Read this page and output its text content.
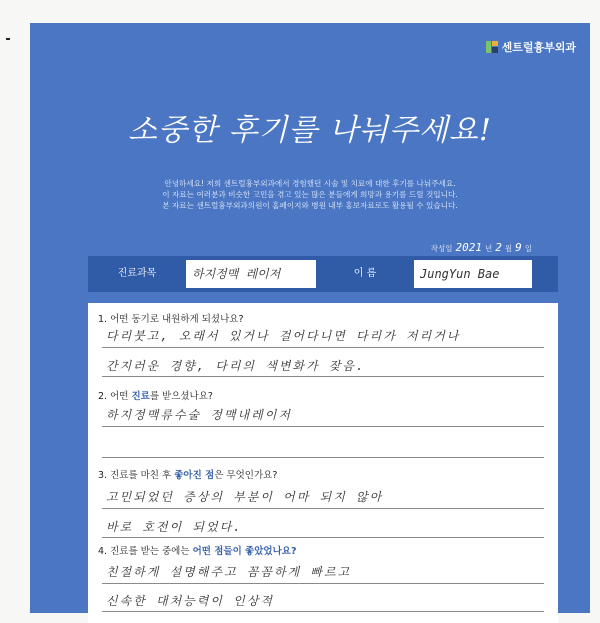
센트럴흉부외과
소중한 후기를 나눠주세요!
안녕하세요! 저희 센트럴흉부외과에서 경험했던 시술 및 치료에 대한 후기를 나눠주세요.
이 자료는 여러분과 비슷한 고민을 겪고 있는 많은 분들에게 희망과 용기를 드릴 것입니다.
본 자료는 센트럴흉부외과의원이 홈페이지와 병원 내부 홍보자료로도 활용될 수 있습니다.
작성일 2021 년 2 월 9 일
진료과목	하지정맥 레이저	이 름	JungYun Bae
1. 어떤 동기로 내원하게 되셨나요?
다리붓고, 오래서 있거나 걸어다니면 다리가 저리거나
간지러운 경향, 다리의 색변화가 잦음.
2. 어떤 진료를 받으셨나요?
하지정맥류수술 정맥내레이저
3. 진료를 마친 후 좋아진 점은 무엇인가요?
고민되었던 증상의 부분이 어마 되지 않아
바로 호전이 되었다.
4. 진료를 받는 중에는 어떤 점들이 좋았었나요?
친절하게 설명해주고 꼼꼼하게 빠르고
신속한 대처능력이 인상적
